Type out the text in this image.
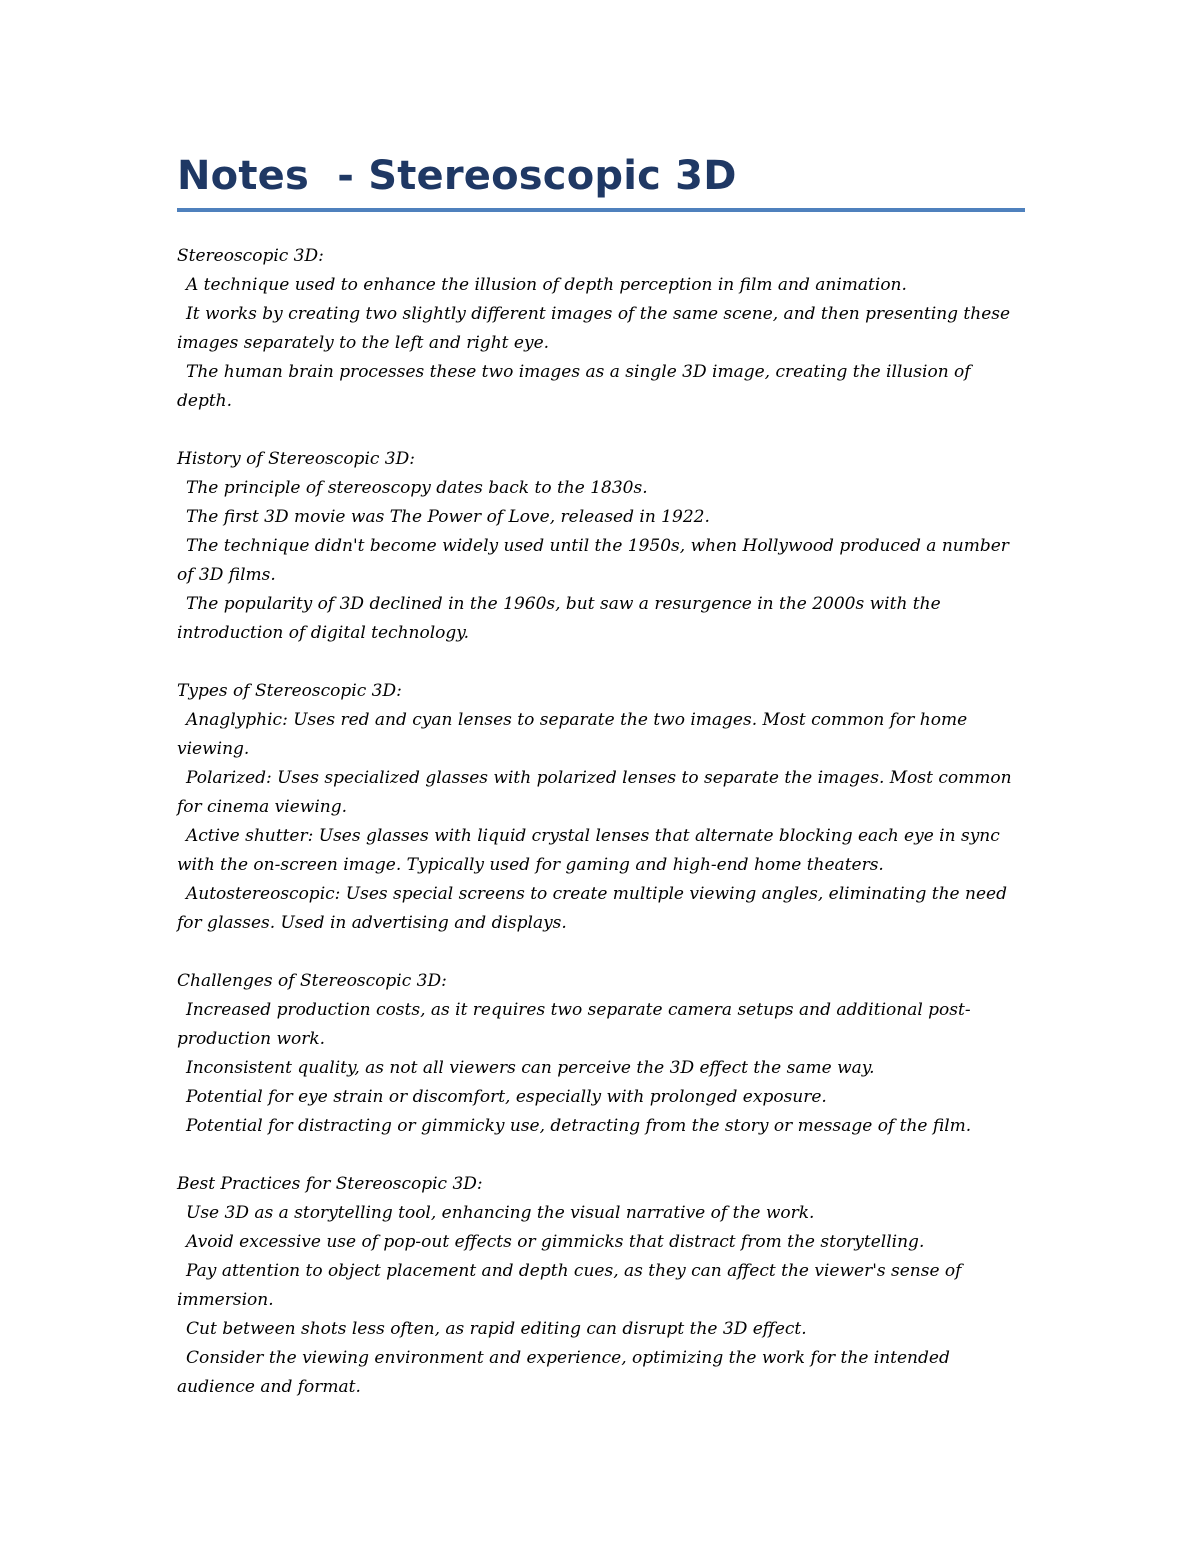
Notes  - Stereoscopic 3D

Stereoscopic 3D:

A technique used to enhance the illusion of depth perception in film and animation.

It works by creating two slightly different images of the same scene, and then presenting these images separately to the left and right eye.

The human brain processes these two images as a single 3D image, creating the illusion of depth.

History of Stereoscopic 3D:

The principle of stereoscopy dates back to the 1830s.

The first 3D movie was The Power of Love, released in 1922.

The technique didn't become widely used until the 1950s, when Hollywood produced a number of 3D films.

The popularity of 3D declined in the 1960s, but saw a resurgence in the 2000s with the introduction of digital technology.

Types of Stereoscopic 3D:

Anaglyphic: Uses red and cyan lenses to separate the two images. Most common for home viewing.

Polarized: Uses specialized glasses with polarized lenses to separate the images. Most common for cinema viewing.

Active shutter: Uses glasses with liquid crystal lenses that alternate blocking each eye in sync with the on-screen image. Typically used for gaming and high-end home theaters.

Autostereoscopic: Uses special screens to create multiple viewing angles, eliminating the need for glasses. Used in advertising and displays.

Challenges of Stereoscopic 3D:

Increased production costs, as it requires two separate camera setups and additional post-production work.

Inconsistent quality, as not all viewers can perceive the 3D effect the same way.

Potential for eye strain or discomfort, especially with prolonged exposure.

Potential for distracting or gimmicky use, detracting from the story or message of the film.

Best Practices for Stereoscopic 3D:

Use 3D as a storytelling tool, enhancing the visual narrative of the work.

Avoid excessive use of pop-out effects or gimmicks that distract from the storytelling.

Pay attention to object placement and depth cues, as they can affect the viewer's sense of immersion.

Cut between shots less often, as rapid editing can disrupt the 3D effect.

Consider the viewing environment and experience, optimizing the work for the intended audience and format.
